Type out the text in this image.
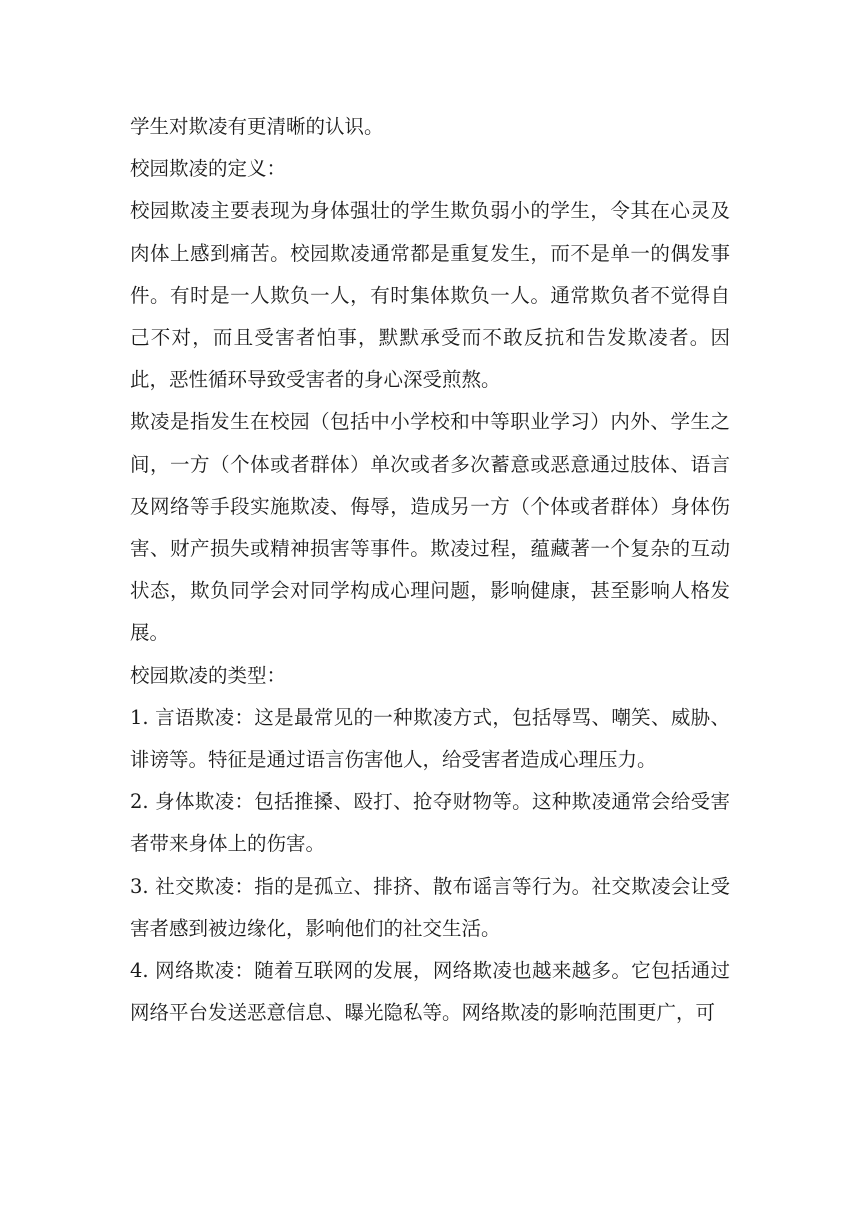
学生对欺凌有更清晰的认识。

校园欺凌的定义：

校园欺凌主要表现为身体强壮的学生欺负弱小的学生，令其在心灵及肉体上感到痛苦。校园欺凌通常都是重复发生，而不是单一的偶发事件。有时是一人欺负一人，有时集体欺负一人。通常欺负者不觉得自己不对，而且受害者怕事，默默承受而不敢反抗和告发欺凌者。因此，恶性循环导致受害者的身心深受煎熬。

欺凌是指发生在校园（包括中小学校和中等职业学习）内外、学生之间，一方（个体或者群体）单次或者多次蓄意或恶意通过肢体、语言及网络等手段实施欺凌、侮辱，造成另一方（个体或者群体）身体伤害、财产损失或精神损害等事件。欺凌过程，蕴藏著一个复杂的互动状态，欺负同学会对同学构成心理问题，影响健康，甚至影响人格发展。

校园欺凌的类型：

1. 言语欺凌：这是最常见的一种欺凌方式，包括辱骂、嘲笑、威胁、诽谤等。特征是通过语言伤害他人，给受害者造成心理压力。

2. 身体欺凌：包括推搡、殴打、抢夺财物等。这种欺凌通常会给受害者带来身体上的伤害。

3. 社交欺凌：指的是孤立、排挤、散布谣言等行为。社交欺凌会让受害者感到被边缘化，影响他们的社交生活。

4. 网络欺凌：随着互联网的发展，网络欺凌也越来越多。它包括通过网络平台发送恶意信息、曝光隐私等。网络欺凌的影响范围更广，可
